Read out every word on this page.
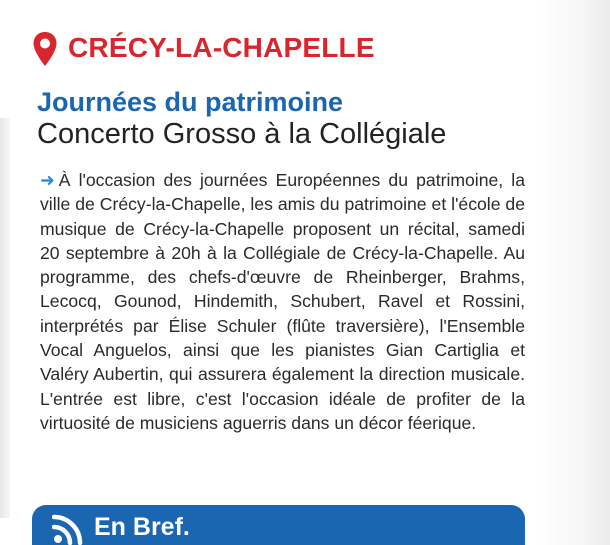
CRÉCY-LA-CHAPELLE
Journées du patrimoine
Concerto Grosso à la Collégiale
➜ À l'occasion des journées Européennes du patrimoine, la ville de Crécy-la-Chapelle, les amis du patrimoine et l'école de musique de Crécy-la-Chapelle proposent un récital, samedi 20 septembre à 20h à la Collégiale de Crécy-la-Chapelle. Au programme, des chefs-d'œuvre de Rheinberger, Brahms, Lecocq, Gounod, Hindemith, Schubert, Ravel et Rossini, interprétés par Élise Schuler (flûte traversière), l'Ensemble Vocal Anguelos, ainsi que les pianistes Gian Cartiglia et Valéry Aubertin, qui assurera également la direction musicale. L'entrée est libre, c'est l'occasion idéale de profiter de la virtuosité de musiciens aguerris dans un décor féerique.
En Bref.
